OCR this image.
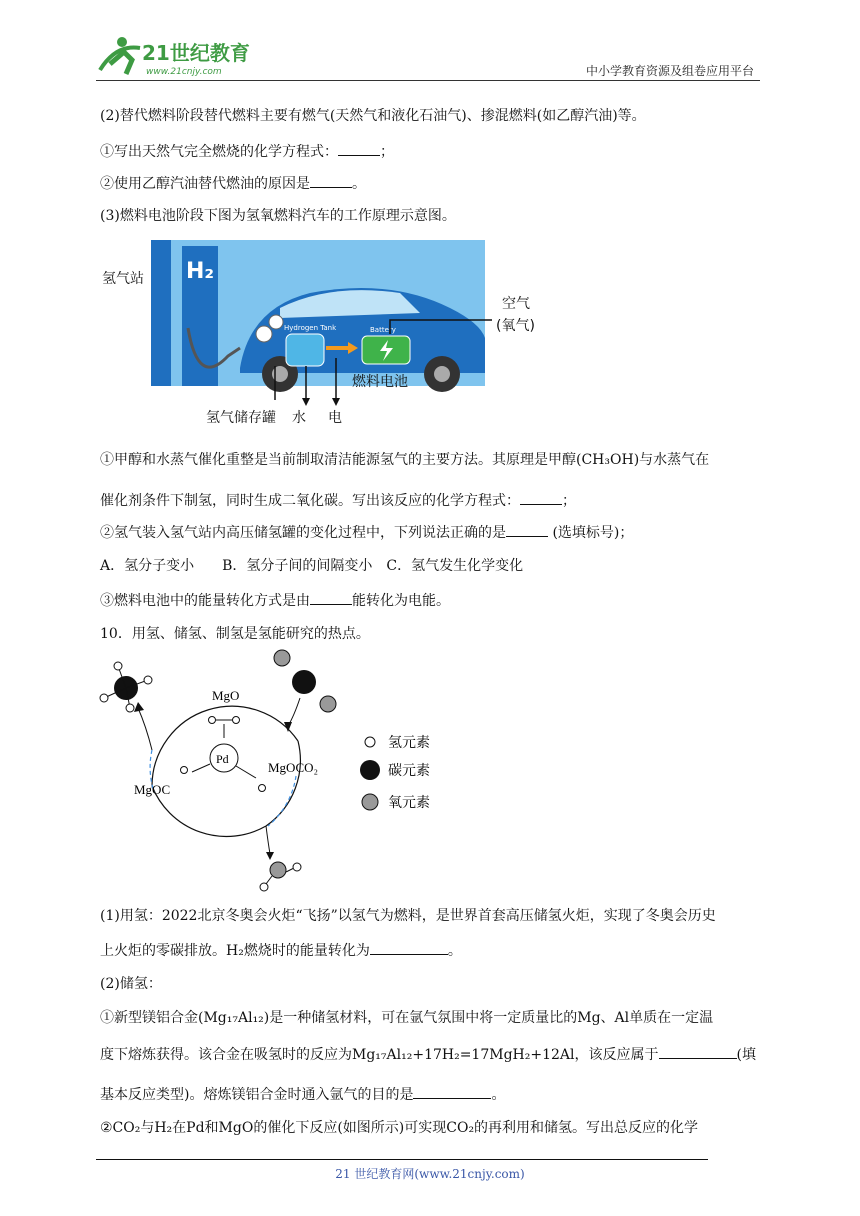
21世纪教育
www.21cnjy.com	中小学教育资源及组卷应用平台
(2)替代燃料阶段替代燃料主要有燃气(天然气和液化石油气)、掺混燃料(如乙醇汽油)等。
①写出天然气完全燃烧的化学方程式：	；
②使用乙醇汽油替代燃油的原因是	。
(3)燃料电池阶段下图为氢氧燃料汽车的工作原理示意图。
H₂
氢气站
Hydrogen Tank	Battery
空气
(氧气)
燃料电池
氢气储存罐 水 电
①甲醇和水蒸气催化重整是当前制取清洁能源氢气的主要方法。其原理是甲醇(CH₃OH)与水蒸气在
催化剂条件下制氢，同时生成二氧化碳。写出该反应的化学方程式：	；
②氢气装入氢气站内高压储氢罐的变化过程中，下列说法正确的是	(选填标号)；
A．氢分子变小　　B．氢分子间的间隔变小　C．氢气发生化学变化
③燃料电池中的能量转化方式是由	能转化为电能。
10．用氢、储氢、制氢是氢能研究的热点。
MgO
Pd
MgOCO₂
MgOC
氢元素
碳元素
氧元素
(1)用氢：2022北京冬奥会火炬“飞扬”以氢气为燃料，是世界首套高压储氢火炬，实现了冬奥会历史
上火炬的零碳排放。H₂燃烧时的能量转化为	。
(2)储氢：
①新型镁铝合金(Mg₁₇Al₁₂)是一种储氢材料，可在氩气氛围中将一定质量比的Mg、Al单质在一定温
度下熔炼获得。该合金在吸氢时的反应为Mg₁₇Al₁₂+17H₂=17MgH₂+12Al，该反应属于	(填
基本反应类型)。熔炼镁铝合金时通入氩气的目的是	。
②CO₂与H₂在Pd和MgO的催化下反应(如图所示)可实现CO₂的再利用和储氢。写出总反应的化学
21 世纪教育网(www.21cnjy.com)
